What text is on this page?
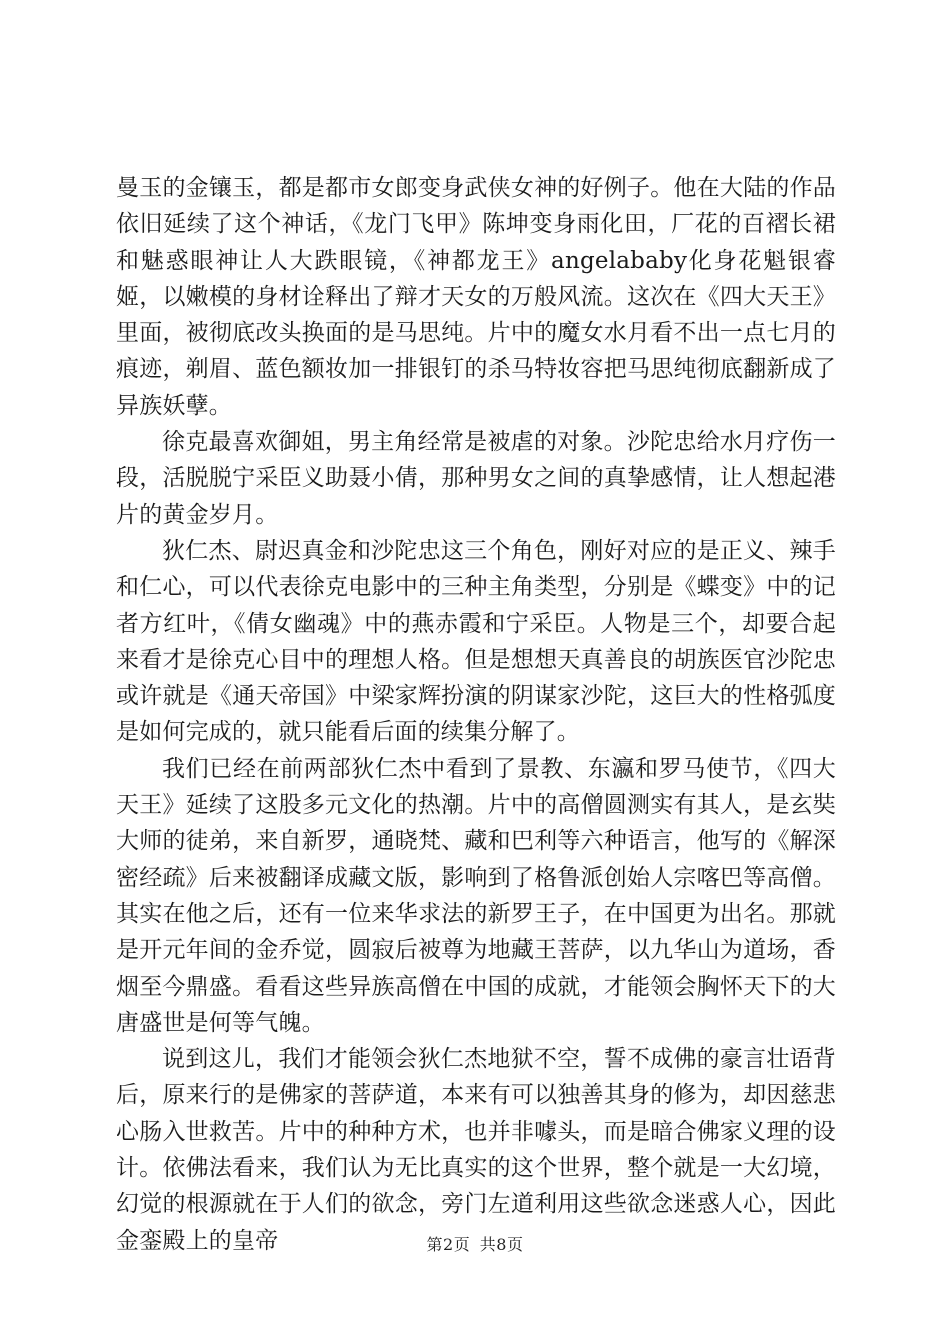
曼玉的金镶玉，都是都市女郎变身武侠女神的好例子。他在大陆的作品依旧延续了这个神话，《龙门飞甲》陈坤变身雨化田，厂花的百褶长裙和魅惑眼神让人大跌眼镜，《神都龙王》angelababy化身花魁银睿姬，以嫩模的身材诠释出了辩才天女的万般风流。这次在《四大天王》里面，被彻底改头换面的是马思纯。片中的魔女水月看不出一点七月的痕迹，剃眉、蓝色额妆加一排银钉的杀马特妆容把马思纯彻底翻新成了异族妖孽。

徐克最喜欢御姐，男主角经常是被虐的对象。沙陀忠给水月疗伤一段，活脱脱宁采臣义助聂小倩，那种男女之间的真挚感情，让人想起港片的黄金岁月。

狄仁杰、尉迟真金和沙陀忠这三个角色，刚好对应的是正义、辣手和仁心，可以代表徐克电影中的三种主角类型，分别是《蝶变》中的记者方红叶，《倩女幽魂》中的燕赤霞和宁采臣。人物是三个，却要合起来看才是徐克心目中的理想人格。但是想想天真善良的胡族医官沙陀忠或许就是《通天帝国》中梁家辉扮演的阴谋家沙陀，这巨大的性格弧度是如何完成的，就只能看后面的续集分解了。

我们已经在前两部狄仁杰中看到了景教、东瀛和罗马使节，《四大天王》延续了这股多元文化的热潮。片中的高僧圆测实有其人，是玄奘大师的徒弟，来自新罗，通晓梵、藏和巴利等六种语言，他写的《解深密经疏》后来被翻译成藏文版，影响到了格鲁派创始人宗喀巴等高僧。其实在他之后，还有一位来华求法的新罗王子，在中国更为出名。那就是开元年间的金乔觉，圆寂后被尊为地藏王菩萨，以九华山为道场，香烟至今鼎盛。看看这些异族高僧在中国的成就，才能领会胸怀天下的大唐盛世是何等气魄。

说到这儿，我们才能领会狄仁杰地狱不空，誓不成佛的豪言壮语背后，原来行的是佛家的菩萨道，本来有可以独善其身的修为，却因慈悲心肠入世救苦。片中的种种方术，也并非噱头，而是暗合佛家义理的设计。依佛法看来，我们认为无比真实的这个世界，整个就是一大幻境，幻觉的根源就在于人们的欲念，旁门左道利用这些欲念迷惑人心，因此金銮殿上的皇帝	第2页 共8页
